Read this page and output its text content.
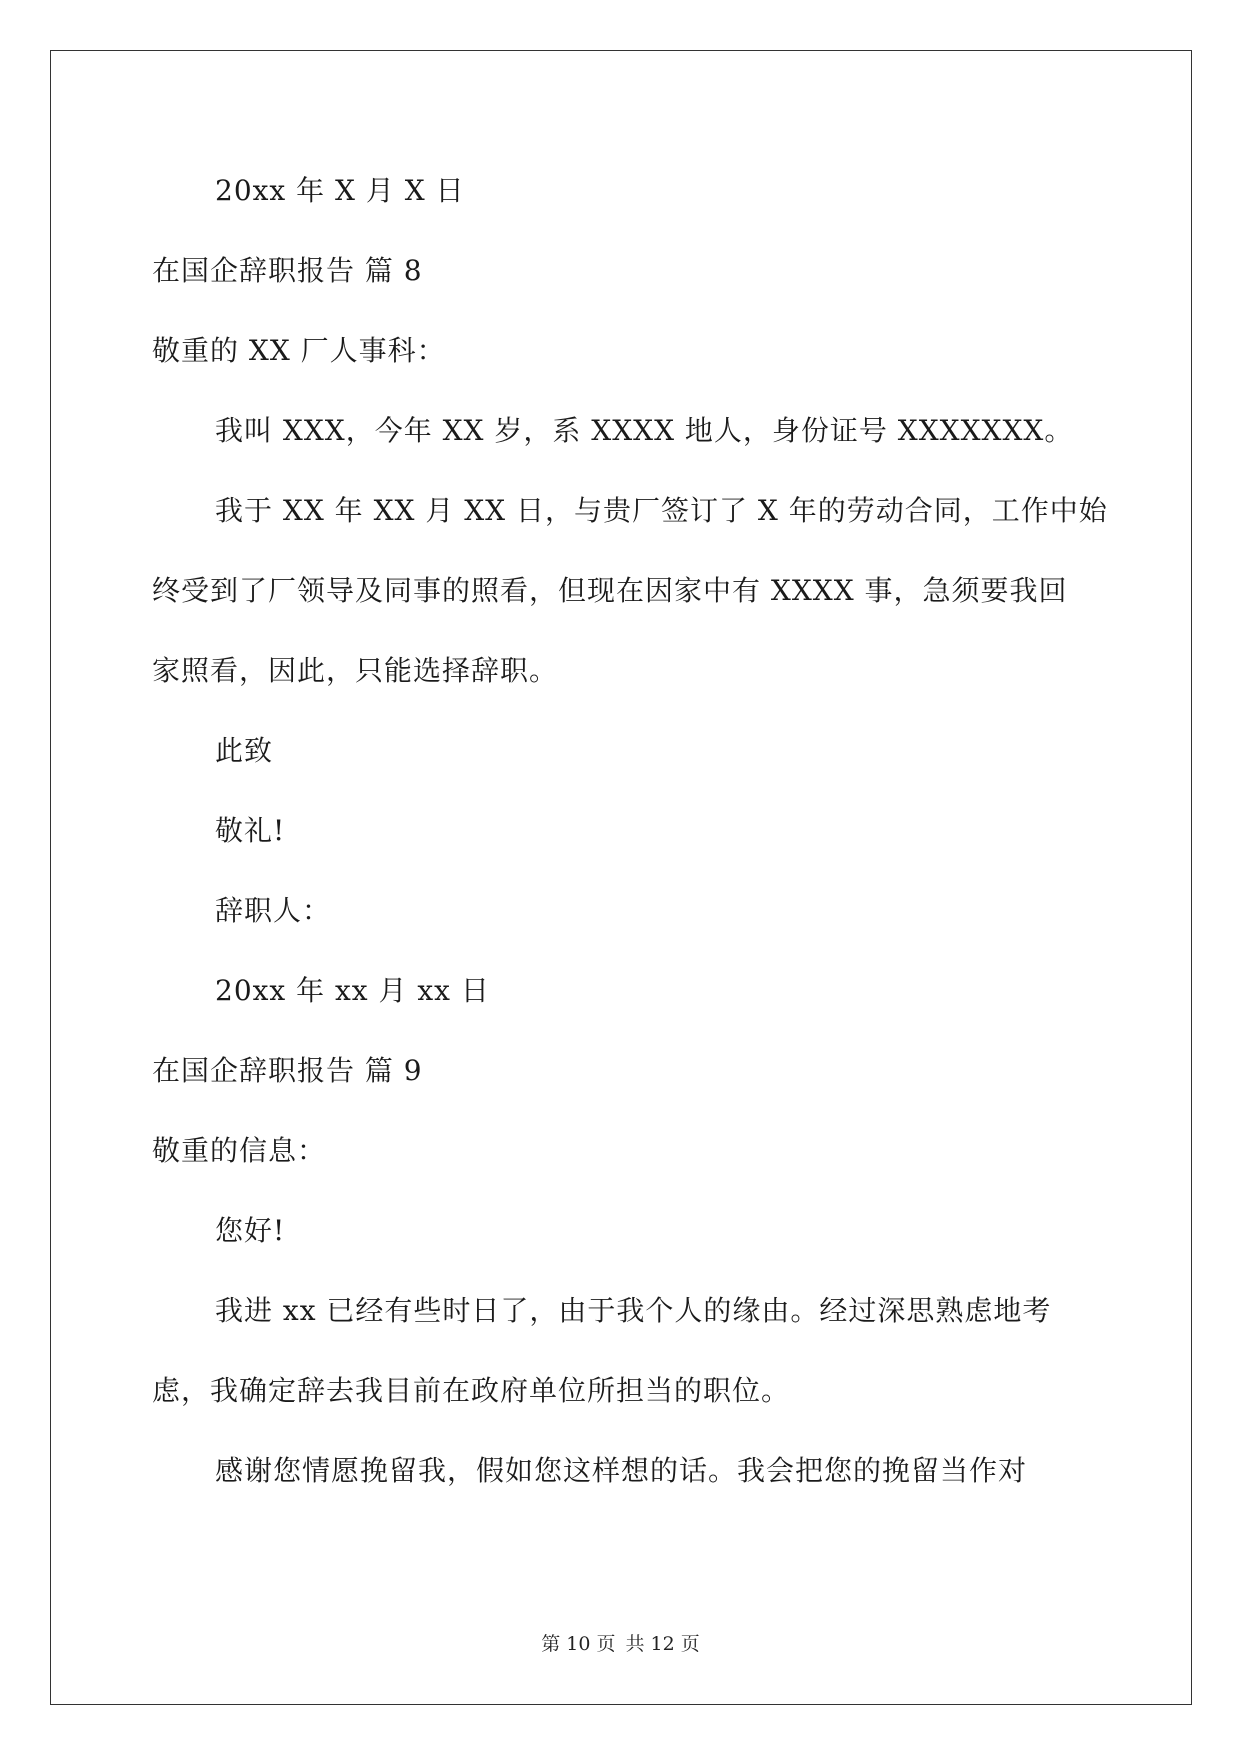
20xx 年 X 月 X 日
在国企辞职报告 篇 8
敬重的 XX 厂人事科：
我叫 XXX，今年 XX 岁，系 XXXX 地人，身份证号 XXXXXXX。
我于 XX 年 XX 月 XX 日，与贵厂签订了 X 年的劳动合同，工作中始
终受到了厂领导及同事的照看，但现在因家中有 XXXX 事，急须要我回
家照看，因此，只能选择辞职。
此致
敬礼!
辞职人：
20xx 年 xx 月 xx 日
在国企辞职报告 篇 9
敬重的信息：
您好!
我进 xx 已经有些时日了，由于我个人的缘由。经过深思熟虑地考
虑，我确定辞去我目前在政府单位所担当的职位。
感谢您情愿挽留我，假如您这样想的话。我会把您的挽留当作对
第 10 页 共 12 页
